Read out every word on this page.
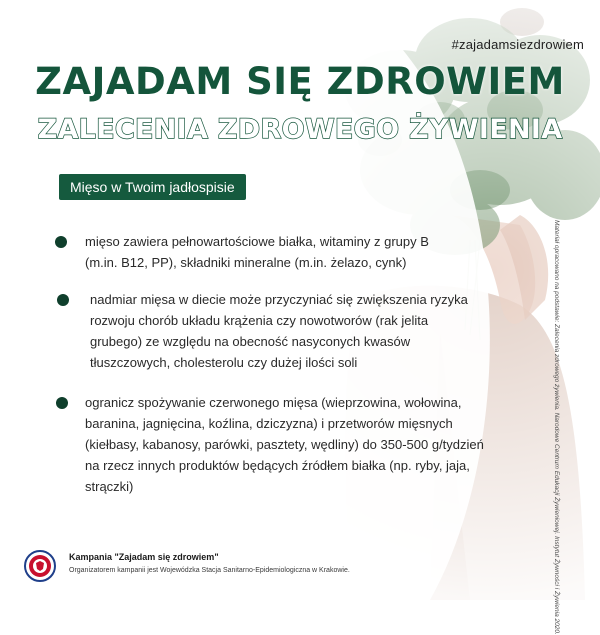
#zajadamsiezdrowiem
ZAJADAM SIĘ ZDROWIEM
ZALECENIA ZDROWEGO ŻYWIENIA
Mięso w Twoim jadłospisie
mięso zawiera pełnowartościowe białka, witaminy z grupy B
(m.in. B12, PP), składniki mineralne (m.in. żelazo, cynk)
nadmiar mięsa w diecie może przyczyniać się zwiększenia ryzyka
rozwoju chorób układu krążenia czy nowotworów (rak jelita
grubego) ze względu na obecność nasyconych kwasów
tłuszczowych, cholesterolu czy dużej ilości soli
ogranicz spożywanie czerwonego mięsa (wieprzowina, wołowina,
baranina, jagnięcina, koźlina, dziczyzna) i przetworów mięsnych
(kiełbasy, kabanosy, parówki, pasztety, wędliny) do 350-500 g/tydzień
na rzecz innych produktów będących źródłem białka (np. ryby, jaja,
strączki)
Kampania "Zajadam się zdrowiem"
Organizatorem kampanii jest Wojewódzka Stacja Sanitarno-Epidemiologiczna w Krakowie.	Materiał opracowano na podstawie: Zalecenia zdrowego żywienia. Narodowe Centrum Edukacji Żywieniowej. Instytut Żywności i Żywienia 2020.
